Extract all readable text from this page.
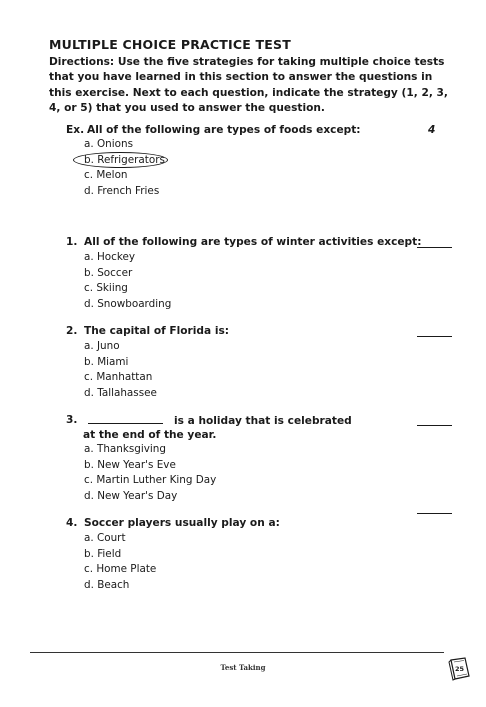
MULTIPLE CHOICE PRACTICE TEST
Directions: Use the five strategies for taking multiple choice tests that you have learned in this section to answer the questions in this exercise. Next to each question, indicate the strategy (1, 2, 3, 4, or 5) that you used to answer the question.
Ex. All of the following are types of foods except:	4
a. Onions
b. Refrigerators
c. Melon
d. French Fries
1. All of the following are types of winter activities except:
a. Hockey
b. Soccer
c. Skiing
d. Snowboarding
2. The capital of Florida is:
a. Juno
b. Miami
c. Manhattan
d. Tallahassee
3.	is a holiday that is celebrated
at the end of the year.
a. Thanksgiving
b. New Year's Eve
c. Martin Luther King Day
d. New Year's Day
4. Soccer players usually play on a:
a. Court
b. Field
c. Home Plate
d. Beach
Test Taking	25
